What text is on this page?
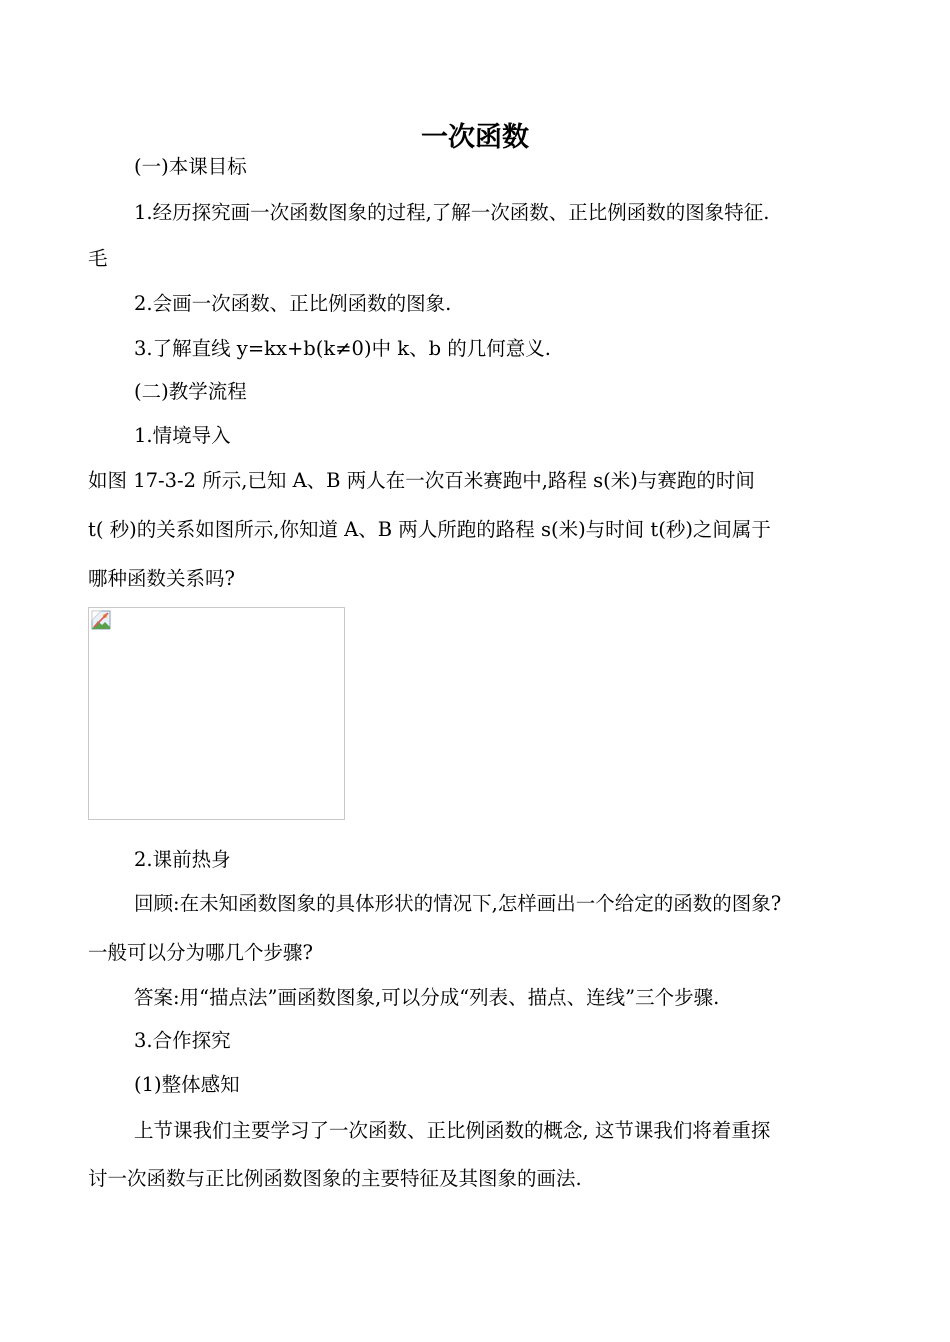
一次函数
(一)本课目标
1.经历探究画一次函数图象的过程,了解一次函数、正比例函数的图象特征.
毛
2.会画一次函数、正比例函数的图象.
3.了解直线 y=kx+b(k≠0)中 k、b 的几何意义.
(二)教学流程
1.情境导入
如图 17-3-2 所示,已知 A、B 两人在一次百米赛跑中,路程 s(米)与赛跑的时间
t( 秒)的关系如图所示,你知道 A、B 两人所跑的路程 s(米)与时间 t(秒)之间属于
哪种函数关系吗?
2.课前热身
回顾:在未知函数图象的具体形状的情况下,怎样画出一个给定的函数的图象?
一般可以分为哪几个步骤?
答案:用“描点法”画函数图象,可以分成“列表、描点、连线”三个步骤.
3.合作探究
(1)整体感知
上节课我们主要学习了一次函数、正比例函数的概念, 这节课我们将着重探
讨一次函数与正比例函数图象的主要特征及其图象的画法.
